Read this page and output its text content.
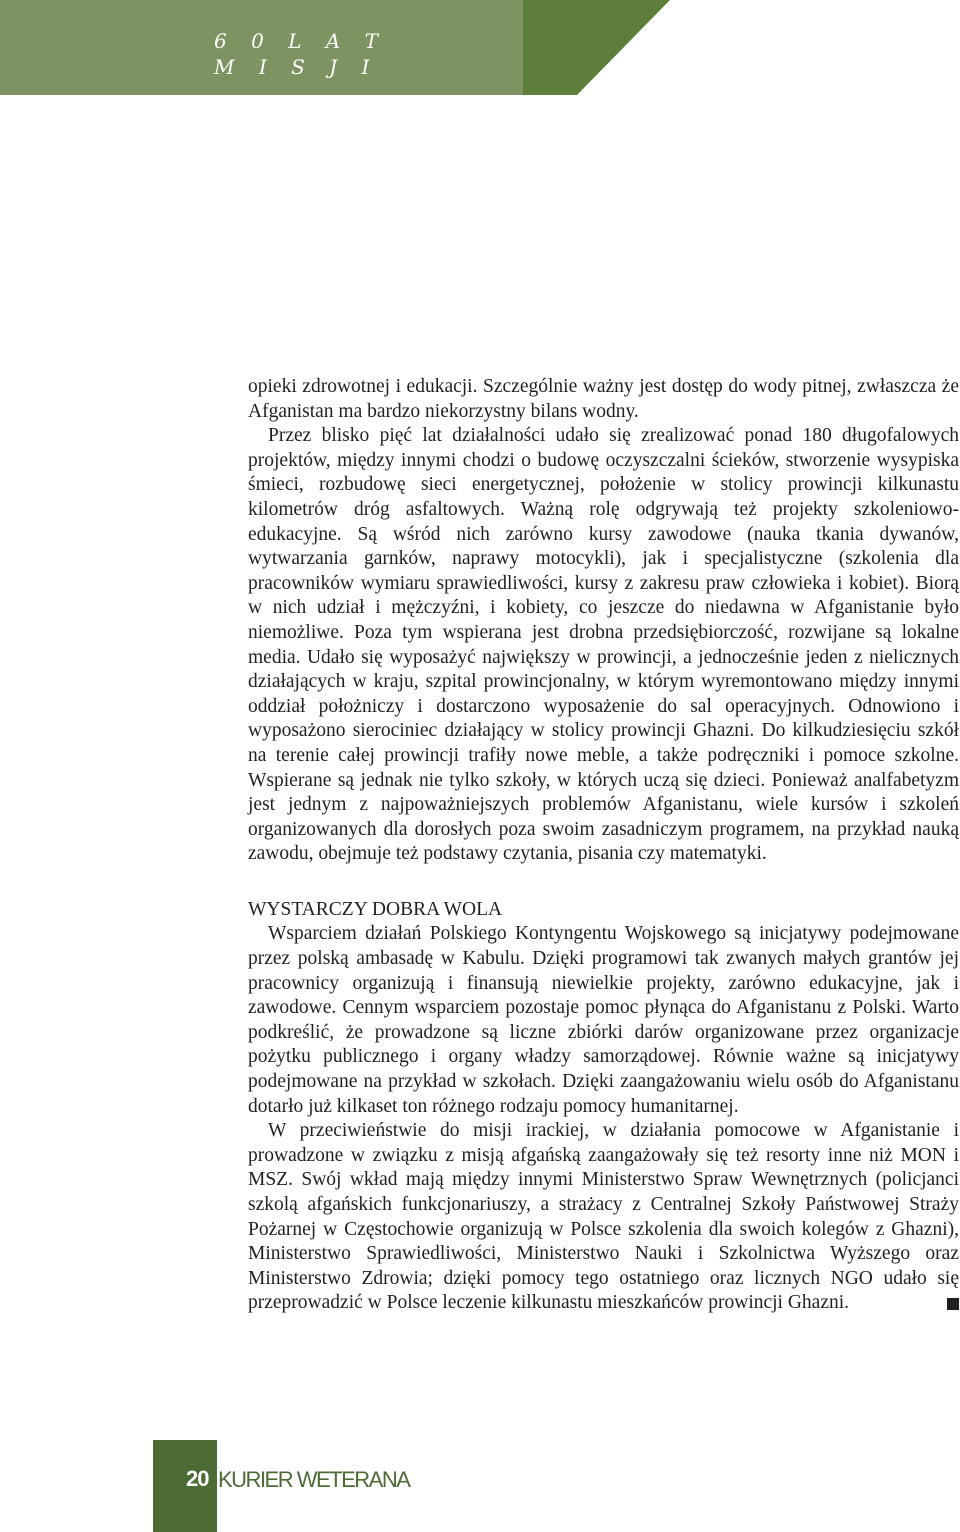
6 0 L A T
M I S J I

opieki zdrowotnej i edukacji. Szczególnie ważny jest dostęp do wody pitnej, zwłaszcza że Afganistan ma bardzo niekorzystny bilans wodny.

Przez blisko pięć lat działalności udało się zrealizować ponad 180 długofalowych projektów, między innymi chodzi o budowę oczyszczalni ścieków, stworzenie wysypiska śmieci, rozbudowę sieci energetycznej, położenie w stolicy prowincji kilkunastu kilometrów dróg asfaltowych. Ważną rolę odgrywają też projekty szkoleniowo-edukacyjne. Są wśród nich zarówno kursy zawodowe (nauka tkania dywanów, wytwarzania garnków, naprawy motocykli), jak i specjalistyczne (szkolenia dla pracowników wymiaru sprawiedliwości, kursy z zakresu praw człowieka i kobiet). Biorą w nich udział i mężczyźni, i kobiety, co jeszcze do niedawna w Afganistanie było niemożliwe. Poza tym wspierana jest drobna przedsiębiorczość, rozwijane są lokalne media. Udało się wyposażyć największy w prowincji, a jednocześnie jeden z nielicznych działających w kraju, szpital prowincjonalny, w którym wyremontowano między innymi oddział położniczy i dostarczono wyposażenie do sal operacyjnych. Odnowiono i wyposażono sierociniec działający w stolicy prowincji Ghazni. Do kilkudziesięciu szkół na terenie całej prowincji trafiły nowe meble, a także podręczniki i pomoce szkolne. Wspierane są jednak nie tylko szkoły, w których uczą się dzieci. Ponieważ analfabetyzm jest jednym z najpoważniejszych problemów Afganistanu, wiele kursów i szkoleń organizowanych dla dorosłych poza swoim zasadniczym programem, na przykład nauką zawodu, obejmuje też podstawy czytania, pisania czy matematyki.

WYSTARCZY DOBRA WOLA

Wsparciem działań Polskiego Kontyngentu Wojskowego są inicjatywy podejmowane przez polską ambasadę w Kabulu. Dzięki programowi tak zwanych małych grantów jej pracownicy organizują i finansują niewielkie projekty, zarówno edukacyjne, jak i zawodowe. Cennym wsparciem pozostaje pomoc płynąca do Afganistanu z Polski. Warto podkreślić, że prowadzone są liczne zbiórki darów organizowane przez organizacje pożytku publicznego i organy władzy samorządowej. Równie ważne są inicjatywy podejmowane na przykład w szkołach. Dzięki zaangażowaniu wielu osób do Afganistanu dotarło już kilkaset ton różnego rodzaju pomocy humanitarnej.

W przeciwieństwie do misji irackiej, w działania pomocowe w Afganistanie i prowadzone w związku z misją afgańską zaangażowały się też resorty inne niż MON i MSZ. Swój wkład mają między innymi Ministerstwo Spraw Wewnętrznych (policjanci szkolą afgańskich funkcjonariuszy, a strażacy z Centralnej Szkoły Państwowej Straży Pożarnej w Częstochowie organizują w Polsce szkolenia dla swoich kolegów z Ghazni), Ministerstwo Sprawiedliwości, Ministerstwo Nauki i Szkolnictwa Wyższego oraz Ministerstwo Zdrowia; dzięki pomocy tego ostatniego oraz licznych NGO udało się przeprowadzić w Polsce leczenie kilkunastu mieszkańców prowincji Ghazni.

20 KURIER WETERANA
